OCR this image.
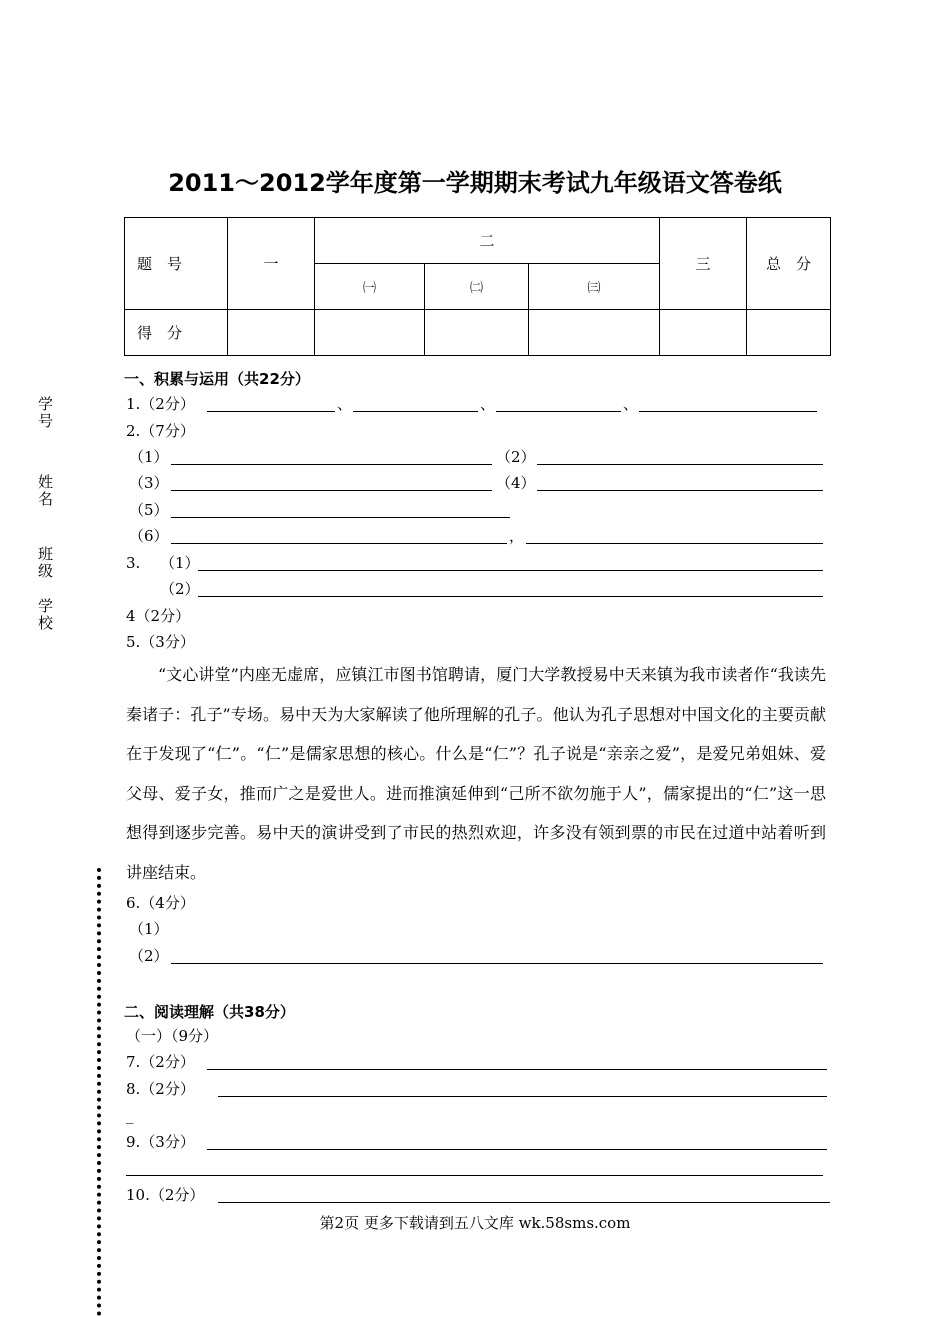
2011～2012学年度第一学期期末考试九年级语文答卷纸
题　号	一	二			三	总　分
		㈠	㈡	㈢		
得　分						
学号
姓名
班级
学校
一、积累与运用（共22分）
1.（2分）	、	、	、
2.（7分）
（1）	（2）
（3）	（4）
（5）
（6）	，
3. （1）
（2）
4（2分）
5.（3分）
“文心讲堂”内座无虚席，应镇江市图书馆聘请，厦门大学教授易中天来镇为我市读者作“我读先秦诸子：孔子”专场。易中天为大家解读了他所理解的孔子。他认为孔子思想对中国文化的主要贡献在于发现了“仁”。“仁”是儒家思想的核心。什么是“仁”？孔子说是“亲亲之爱”，是爱兄弟姐妹、爱父母、爱子女，推而广之是爱世人。进而推演延伸到“己所不欲勿施于人”，儒家提出的“仁”这一思想得到逐步完善。易中天的演讲受到了市民的热烈欢迎，许多没有领到票的市民在过道中站着听到讲座结束。
6.（4分）
（1）
（2）
二、阅读理解（共38分）
（一）（9分）
7.（2分）
8.（2分）
_
9.（3分）
10.（2分）
第2页 更多下载请到五八文库 wk.58sms.com
